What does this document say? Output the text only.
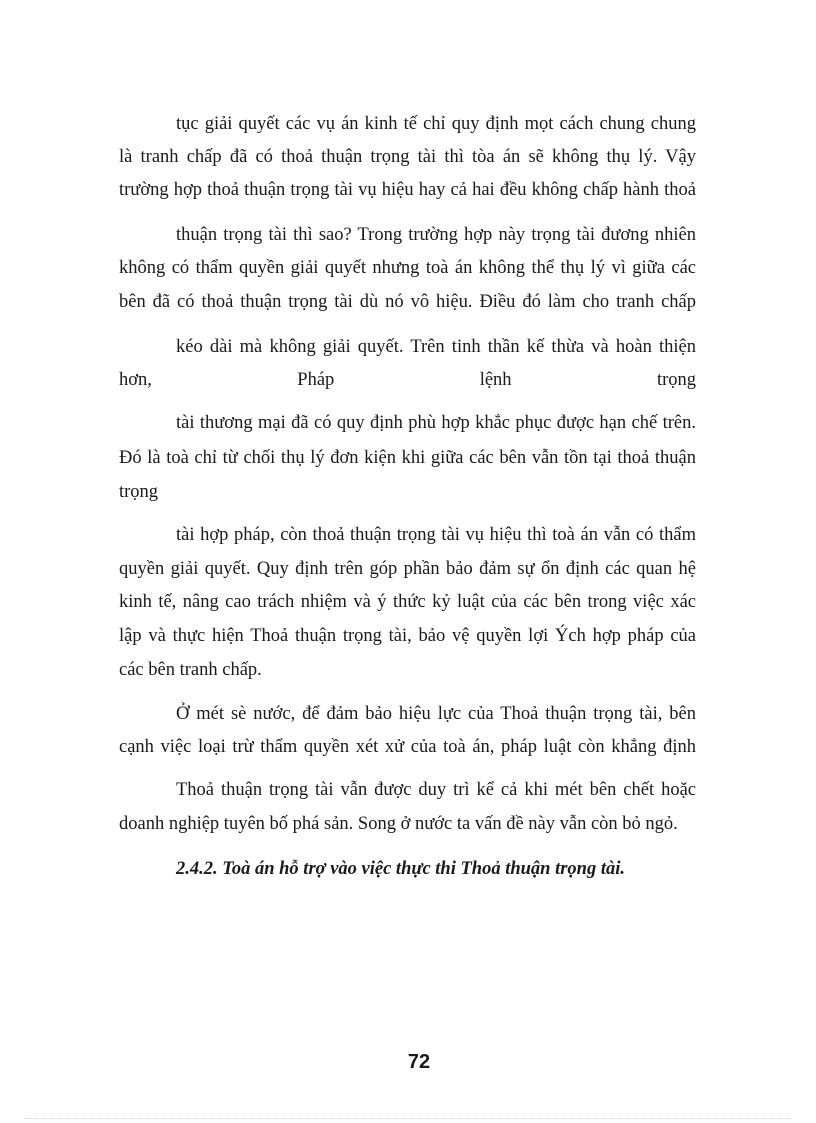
tục giải quyết các vụ án kinh tế chỉ quy định mọt cách chung chung
là tranh chấp đã có thoả thuận trọng tài thì tòa án sẽ không thụ lý. Vậy
trường hợp thoả thuận trọng tài vụ hiệu hay cả hai đều không chấp hành thoả
thuận trọng tài thì sao? Trong trường hợp này trọng tài đương nhiên
không có thẩm quyền giải quyết nhưng toà án không thể thụ lý vì giữa các
bên đã có thoả thuận trọng tài dù nó vô hiệu. Điều đó làm cho tranh chấp
kéo dài mà không giải quyết. Trên tinh thần kế thừa và hoàn thiện
hơn, Pháp lệnh trọng
tài thương mại đã có quy định phù hợp khắc phục được hạn chế trên.
Đó là toà chỉ từ chối thụ lý đơn kiện khi giữa các bên vẫn tồn tại thoả thuận
trọng
tài hợp pháp, còn thoả thuận trọng tài vụ hiệu thì toà án vẫn có thẩm
quyền giải quyết. Quy định trên góp phần bảo đảm sự ổn định các quan hệ
kinh tế, nâng cao trách nhiệm và ý thức kỷ luật của các bên trong việc xác
lập và thực hiện Thoả thuận trọng tài, bảo vệ quyền lợi Ých hợp pháp của
các bên tranh chấp.
Ở mét sè nước, để đảm bảo hiệu lực của Thoả thuận trọng tài, bên
cạnh việc loại trừ thẩm quyền xét xử của toà án, pháp luật còn khẳng định
Thoả thuận trọng tài vẫn được duy trì kể cả khi mét bên chết hoặc
doanh nghiệp tuyên bố phá sản. Song ở nước ta vấn đề này vẫn còn bỏ ngỏ.
2.4.2. Toà án hỗ trợ vào việc thực thi Thoả thuận trọng tài.
72
